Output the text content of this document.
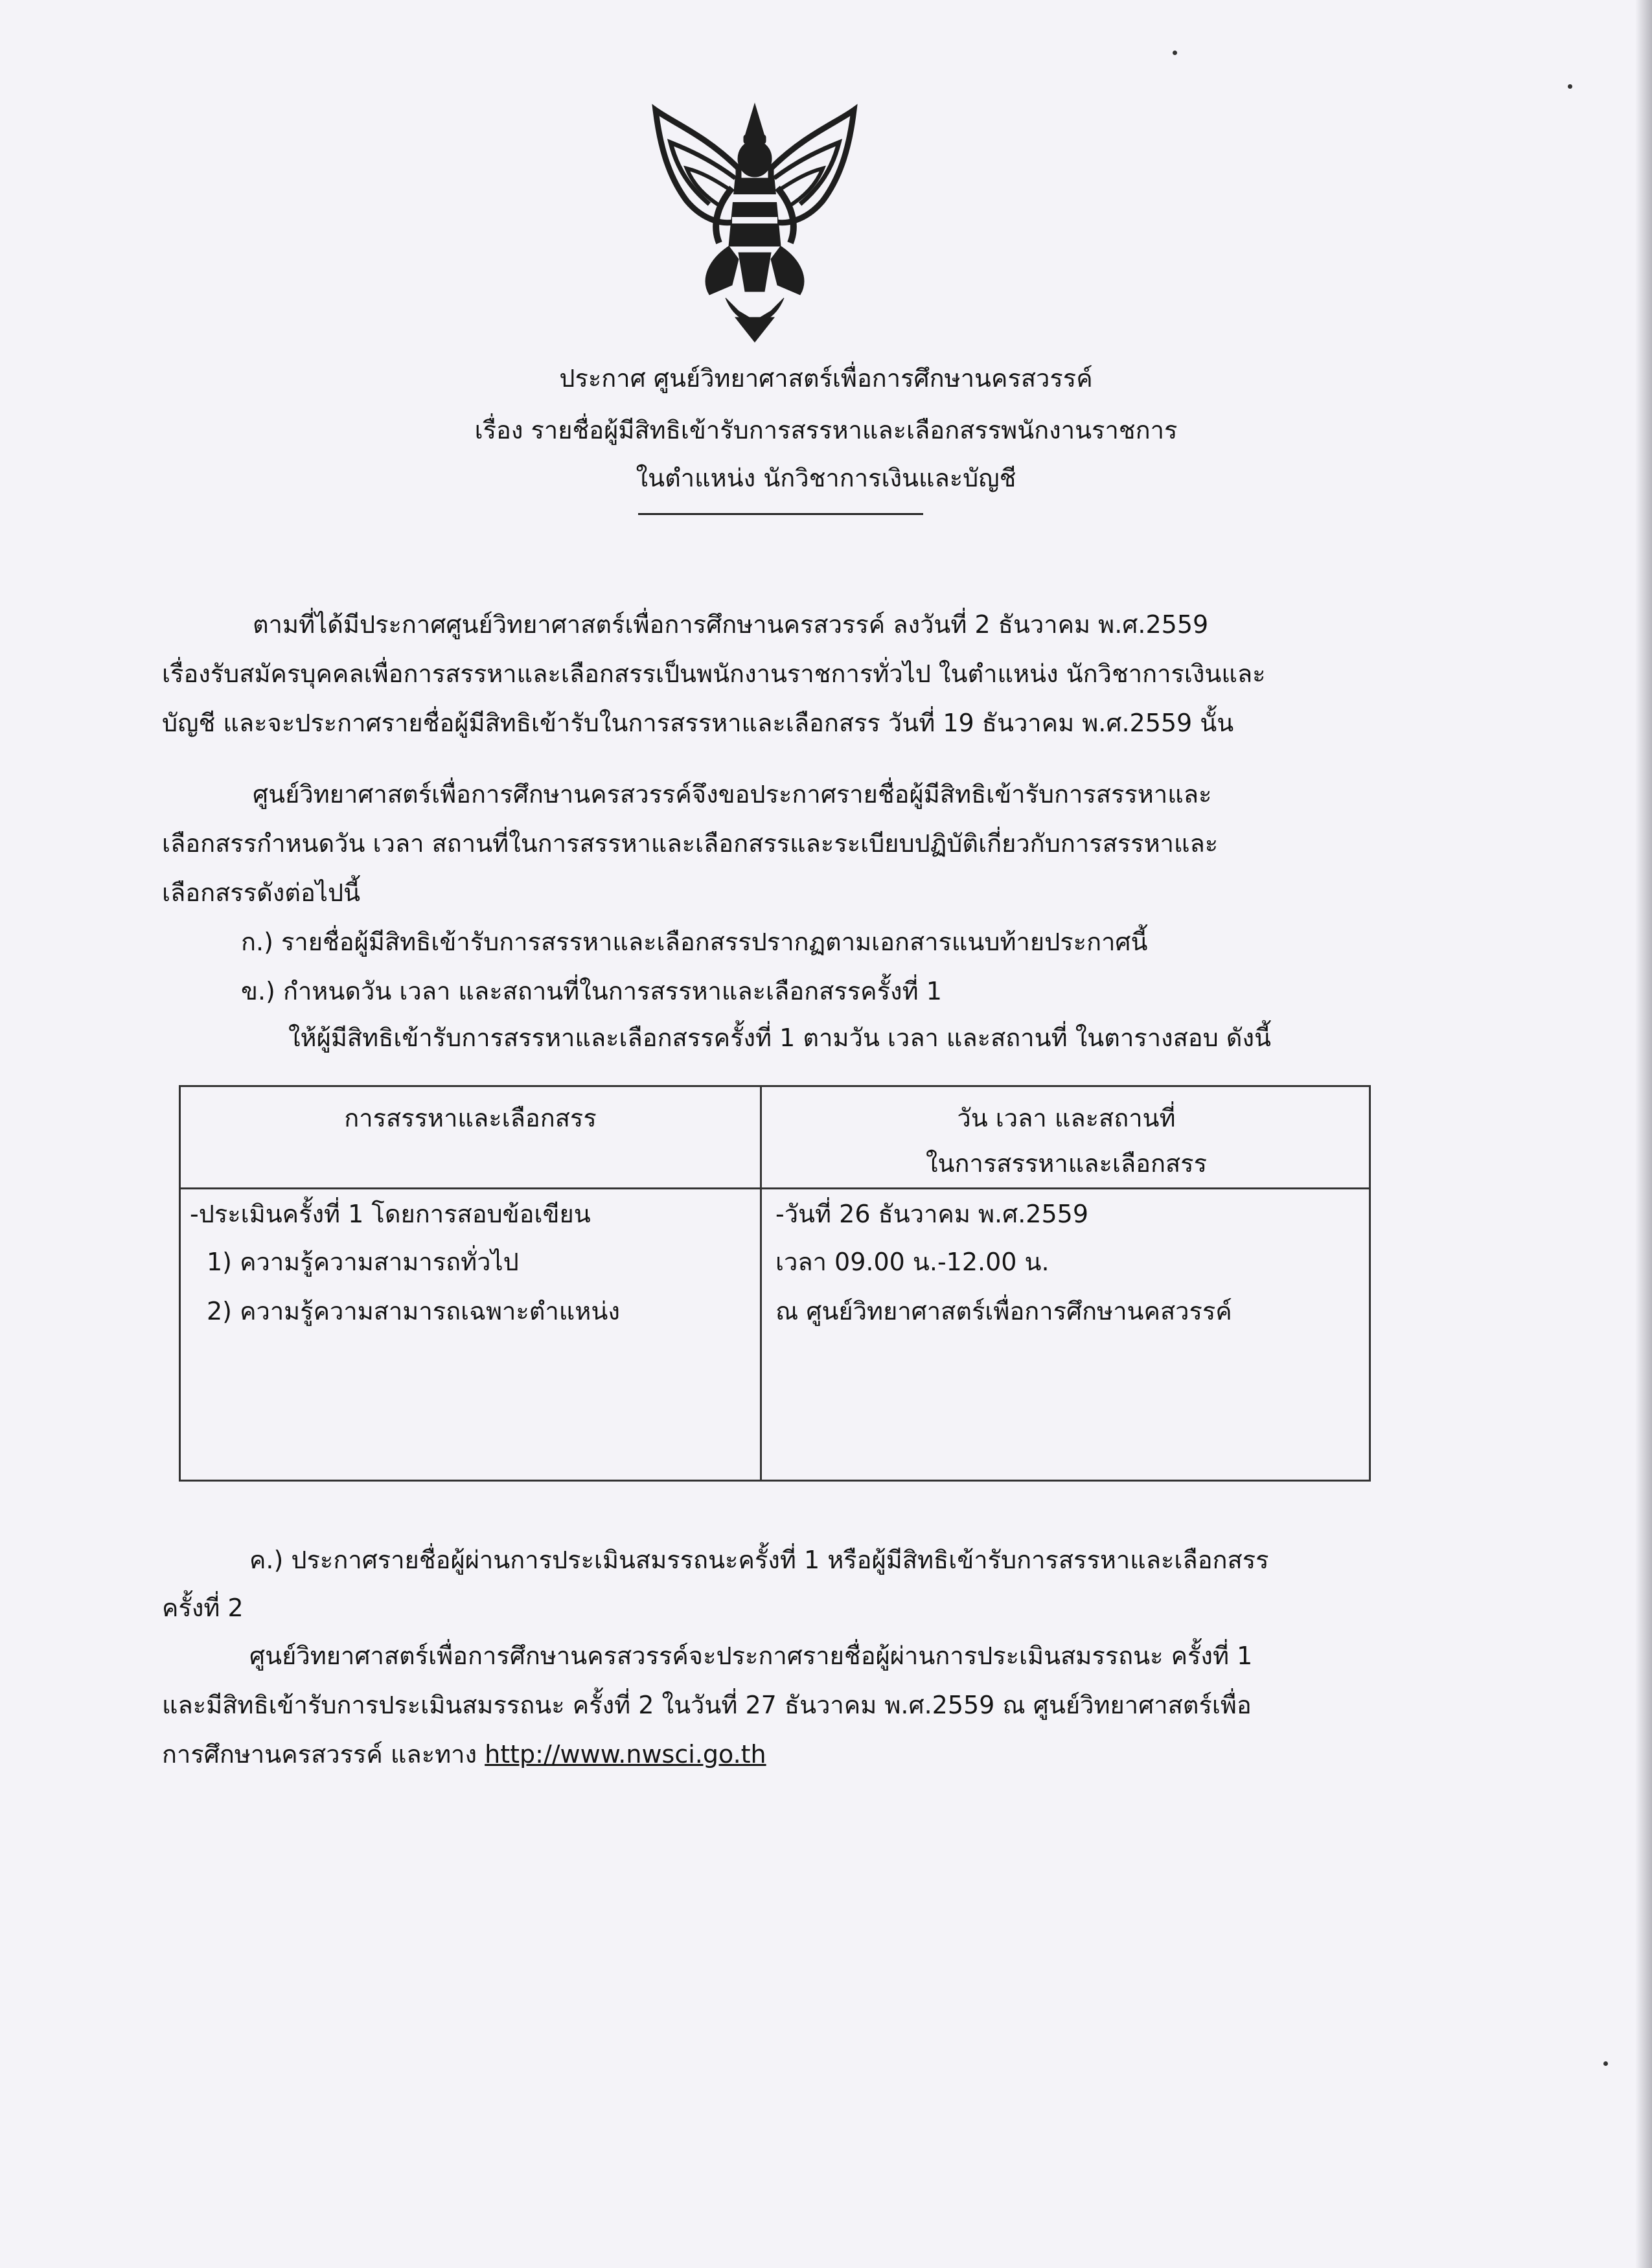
ประกาศ ศูนย์วิทยาศาสตร์เพื่อการศึกษานครสวรรค์
เรื่อง รายชื่อผู้มีสิทธิเข้ารับการสรรหาและเลือกสรรพนักงานราชการ
ในตำแหน่ง นักวิชาการเงินและบัญชี
ตามที่ได้มีประกาศศูนย์วิทยาศาสตร์เพื่อการศึกษานครสวรรค์ ลงวันที่ 2 ธันวาคม พ.ศ.2559
เรื่องรับสมัครบุคคลเพื่อการสรรหาและเลือกสรรเป็นพนักงานราชการทั่วไป ในตำแหน่ง นักวิชาการเงินและ
บัญชี และจะประกาศรายชื่อผู้มีสิทธิเข้ารับในการสรรหาและเลือกสรร วันที่ 19 ธันวาคม พ.ศ.2559 นั้น
ศูนย์วิทยาศาสตร์เพื่อการศึกษานครสวรรค์จึงขอประกาศรายชื่อผู้มีสิทธิเข้ารับการสรรหาและ
เลือกสรรกำหนดวัน เวลา สถานที่ในการสรรหาและเลือกสรรและระเบียบปฏิบัติเกี่ยวกับการสรรหาและ
เลือกสรรดังต่อไปนี้
ก.) รายชื่อผู้มีสิทธิเข้ารับการสรรหาและเลือกสรรปรากฏตามเอกสารแนบท้ายประกาศนี้
ข.) กำหนดวัน เวลา และสถานที่ในการสรรหาและเลือกสรรครั้งที่ 1
ให้ผู้มีสิทธิเข้ารับการสรรหาและเลือกสรรครั้งที่ 1 ตามวัน เวลา และสถานที่ ในตารางสอบ ดังนี้
การสรรหาและเลือกสรร	วัน เวลา และสถานที่
ในการสรรหาและเลือกสรร
-ประเมินครั้งที่ 1 โดยการสอบข้อเขียน
1) ความรู้ความสามารถทั่วไป
2) ความรู้ความสามารถเฉพาะตำแหน่ง
-วันที่ 26 ธันวาคม พ.ศ.2559
เวลา 09.00 น.-12.00 น.
ณ ศูนย์วิทยาศาสตร์เพื่อการศึกษานคสวรรค์
ค.) ประกาศรายชื่อผู้ผ่านการประเมินสมรรถนะครั้งที่ 1 หรือผู้มีสิทธิเข้ารับการสรรหาและเลือกสรร
ครั้งที่ 2
ศูนย์วิทยาศาสตร์เพื่อการศึกษานครสวรรค์จะประกาศรายชื่อผู้ผ่านการประเมินสมรรถนะ ครั้งที่ 1
และมีสิทธิเข้ารับการประเมินสมรรถนะ ครั้งที่ 2 ในวันที่ 27 ธันวาคม พ.ศ.2559 ณ ศูนย์วิทยาศาสตร์เพื่อ
การศึกษานครสวรรค์ และทาง http://www.nwsci.go.th
